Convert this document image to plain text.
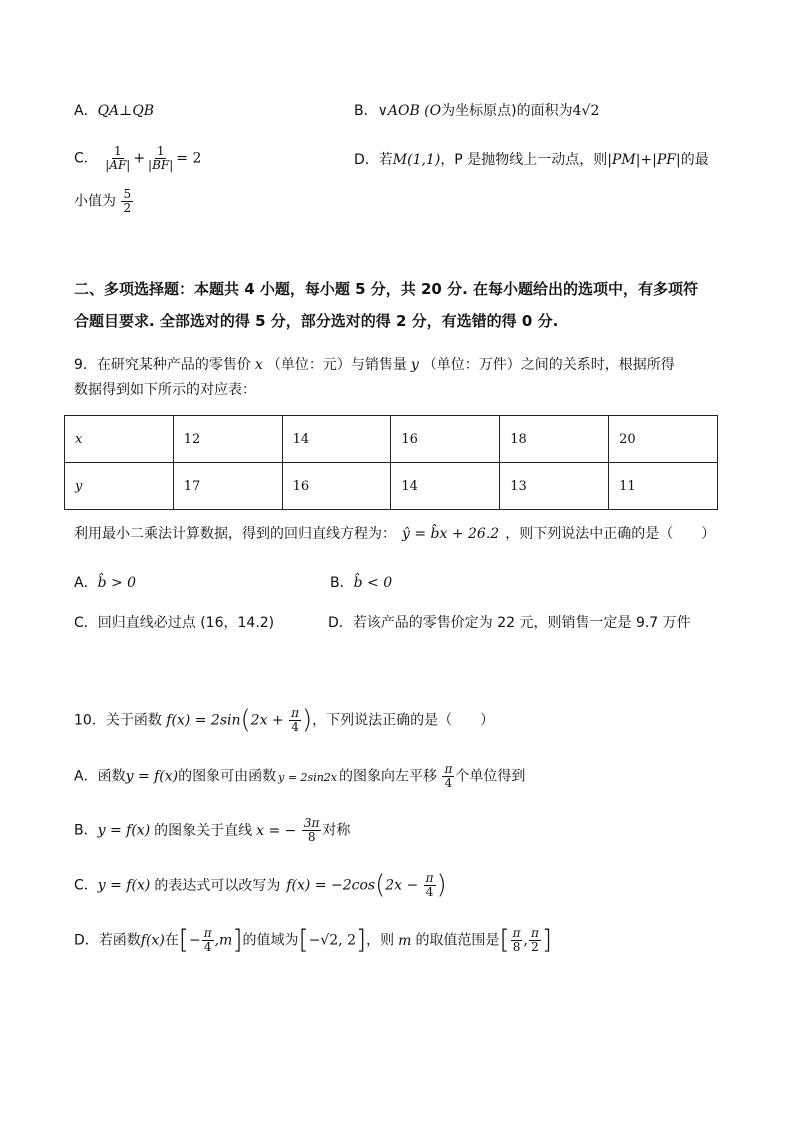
A．QA⊥QB	B．∨AOB (O为坐标原点)的面积为4√2
C． $\frac{1}{|AF|} + \frac{1}{|BF|} = 2$	D．若M(1,1)，P 是抛物线上一动点，则|PM|+|PF|的最
小值为 $\frac{5}{2}$
二、多项选择题：本题共 4 小题，每小题 5 分，共 20 分. 在每小题给出的选项中，有多项符
合题目要求. 全部选对的得 5 分，部分选对的得 2 分，有选错的得 0 分.
9．在研究某种产品的零售价 x （单位：元）与销售量 y （单位：万件）之间的关系时，根据所得
数据得到如下所示的对应表：
x	12	14	16	18	20
y	17	16	14	13	11
利用最小二乘法计算数据，得到的回归直线方程为： ŷ = b̂x + 26.2 ，则下列说法中正确的是（　　）
A．b̂ > 0	B．b̂ < 0
C．回归直线必过点 (16，14.2)	D．若该产品的零售价定为 22 元，则销售一定是 9.7 万件
10．关于函数 $f(x) = 2\sin(2x + \frac{\pi}{4}$ )，下列说法正确的是（　　）
A．函数y = f(x)的图象可由函数 y = 2sin2x 的图象向左平移 $\frac{\pi}{4}$ 个单位得到
B．y = f(x) 的图象关于直线 x = − $\frac{3\pi}{8}$ 对称
C．y = f(x) 的表达式可以改写为 $f(x) = -2\cos(2x - \frac{\pi}{4}$ )
D．若函数f(x)在[− $\frac{\pi}{4} ,m$]的值域为[−√2, 2]，则 m 的取值范围是[ $\frac{\pi}{8}$ , $\frac{\pi}{2}$ ]
